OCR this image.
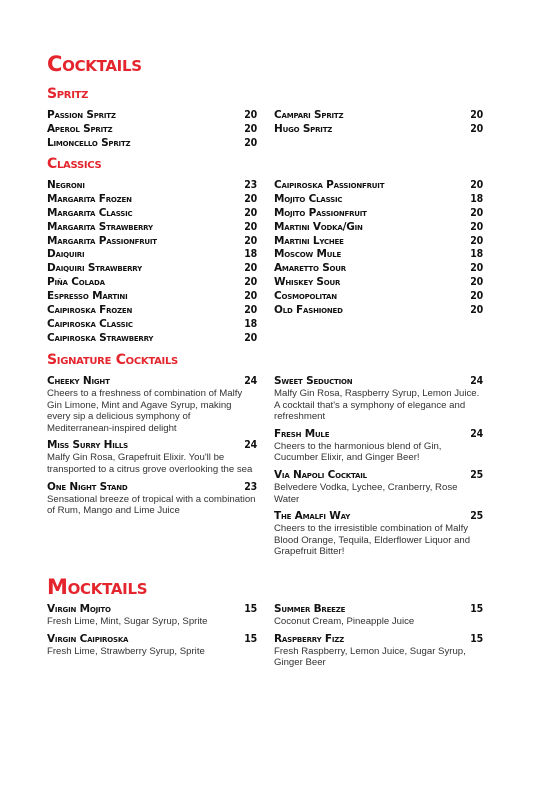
Cocktails
Spritz
Classics
Signature Cocktails
Mocktails
Passion Spritz	20
Aperol Spritz	20
Limoncello Spritz	20
Campari Spritz	20
Hugo Spritz	20
Negroni	23
Margarita Frozen	20
Margarita Classic	20
Margarita Strawberry	20
Margarita Passionfruit	20
Daiquiri	18
Daiquiri Strawberry	20
Piña Colada	20
Espresso Martini	20
Caipiroska Frozen	20
Caipiroska Classic	18
Caipiroska Strawberry	20
Caipiroska Passionfruit	20
Mojito Classic	18
Mojito Passionfruit	20
Martini Vodka/Gin	20
Martini Lychee	20
Moscow Mule	18
Amaretto Sour	20
Whiskey Sour	20
Cosmopolitan	20
Old Fashioned	20
Cheeky Night	24

Cheers to a freshness of combination of Malfy Gin Limone, Mint and Agave Syrup, making every sip a delicious symphony of Mediterranean-inspired delight

Miss Surry Hills	24

Malfy Gin Rosa, Grapefruit Elixir. You'll be transported to a citrus grove overlooking the sea

One Night Stand	23

Sensational breeze of tropical with a combination of Rum, Mango and Lime Juice

Sweet Seduction	24

Malfy Gin Rosa, Raspberry Syrup, Lemon Juice. A cocktail that's a symphony of elegance and refreshment

Fresh Mule	24

Cheers to the harmonious blend of Gin, Cucumber Elixir, and Ginger Beer!

Via Napoli Cocktail	25

Belvedere Vodka, Lychee, Cranberry, Rose Water

The Amalfi Way	25

Cheers to the irresistible combination of Malfy Blood Orange, Tequila, Elderflower Liquor and Grapefruit Bitter!

Virgin Mojito	15

Fresh Lime, Mint, Sugar Syrup, Sprite

Virgin Caipiroska	15

Fresh Lime, Strawberry Syrup, Sprite

Summer Breeze	15

Coconut Cream, Pineapple Juice

Raspberry Fizz	15

Fresh Raspberry, Lemon Juice, Sugar Syrup, Ginger Beer
